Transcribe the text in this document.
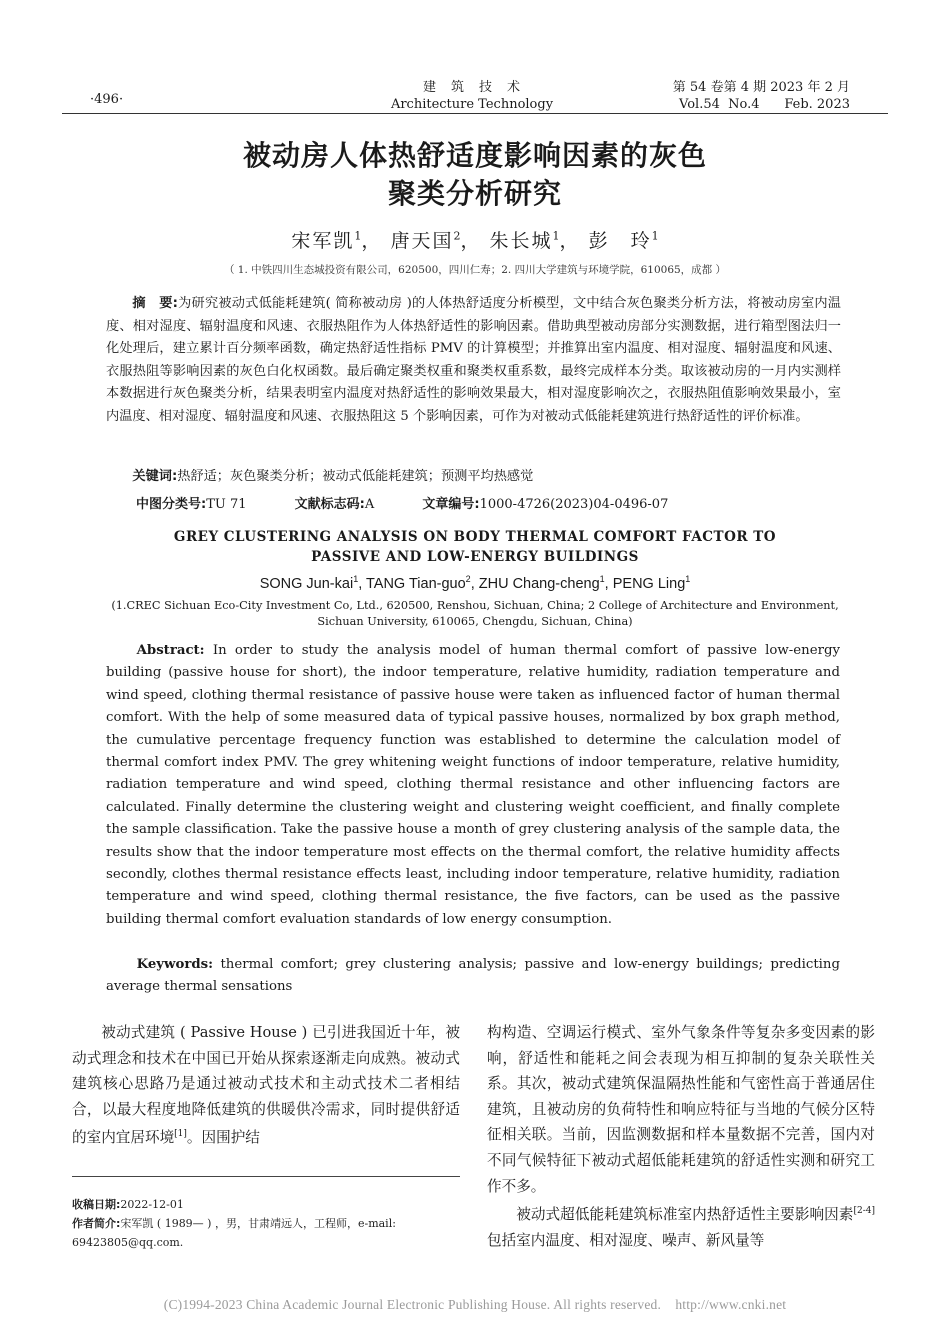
·496·
建　筑　技　术
Architecture Technology
第 54 卷第 4 期 2023 年 2 月
Vol.54  No.4      Feb. 2023
被动房人体热舒适度影响因素的灰色
聚类分析研究
宋军凯$^1$， 唐天国$^2$， 朱长城$^1$， 彭　玲$^1$
（ 1. 中铁四川生态城投资有限公司，620500，四川仁寿；2. 四川大学建筑与环境学院，610065，成都 ）
摘　要:为研究被动式低能耗建筑( 简称被动房 )的人体热舒适度分析模型，文中结合灰色聚类分析方法，将被动房室内温度、相对湿度、辐射温度和风速、衣服热阻作为人体热舒适性的影响因素。借助典型被动房部分实测数据，进行箱型图法归一化处理后，建立累计百分频率函数，确定热舒适性指标 PMV 的计算模型；并推算出室内温度、相对湿度、辐射温度和风速、衣服热阻等影响因素的灰色白化权函数。最后确定聚类权重和聚类权重系数，最终完成样本分类。取该被动房的一月内实测样本数据进行灰色聚类分析，结果表明室内温度对热舒适性的影响效果最大，相对湿度影响次之，衣服热阻值影响效果最小，室内温度、相对湿度、辐射温度和风速、衣服热阻这 5 个影响因素，可作为对被动式低能耗建筑进行热舒适性的评价标准。
关键词:热舒适；灰色聚类分析；被动式低能耗建筑；预测平均热感觉
中图分类号:TU 71	文献标志码:A	文章编号:1000-4726(2023)04-0496-07
GREY CLUSTERING ANALYSIS ON BODY THERMAL COMFORT FACTOR TO
PASSIVE AND LOW-ENERGY BUILDINGS
SONG Jun-kai$^1$, TANG Tian-guo$^2$, ZHU Chang-cheng$^1$, PENG Ling$^1$
(1.CREC Sichuan Eco-City Investment Co, Ltd., 620500, Renshou, Sichuan, China; 2 College of Architecture and Environment, Sichuan University, 610065, Chengdu, Sichuan, China)
Abstract: In order to study the analysis model of human thermal comfort of passive low-energy building (passive house for short), the indoor temperature, relative humidity, radiation temperature and wind speed, clothing thermal resistance of passive house were taken as influenced factor of human thermal comfort. With the help of some measured data of typical passive houses, normalized by box graph method, the cumulative percentage frequency function was established to determine the calculation model of thermal comfort index PMV. The grey whitening weight functions of indoor temperature, relative humidity, radiation temperature and wind speed, clothing thermal resistance and other influencing factors are calculated. Finally determine the clustering weight and clustering weight coefficient, and finally complete the sample classification. Take the passive house a month of grey clustering analysis of the sample data, the results show that the indoor temperature most effects on the thermal comfort, the relative humidity affects secondly, clothes thermal resistance effects least, including indoor temperature, relative humidity, radiation temperature and wind speed, clothing thermal resistance, the five factors, can be used as the passive building thermal comfort evaluation standards of low energy consumption.
Keywords: thermal comfort; grey clustering analysis; passive and low-energy buildings; predicting average thermal sensations
被动式建筑 ( Passive House ) 已引进我国近十年，被动式理念和技术在中国已开始从探索逐渐走向成熟。被动式建筑核心思路乃是通过被动式技术和主动式技术二者相结合，以最大程度地降低建筑的供暖供冷需求，同时提供舒适的室内宜居环境[1]。因围护结
构构造、空调运行模式、室外气象条件等复杂多变因素的影响，舒适性和能耗之间会表现为相互抑制的复杂关联性关系。其次，被动式建筑保温隔热性能和气密性高于普通居住建筑，且被动房的负荷特性和响应特征与当地的气候分区特征相关联。当前，因监测数据和样本量数据不完善，国内对不同气候特征下被动式超低能耗建筑的舒适性实测和研究工作不多。
被动式超低能耗建筑标准室内热舒适性主要影响因素[2-4]包括室内温度、相对湿度、噪声、新风量等
收稿日期:2022-12-01
作者简介:宋军凯 ( 1989— ) ，男，甘肃靖远人，工程师，e-mail: 69423805@qq.com.
(C)1994-2023 China Academic Journal Electronic Publishing House. All rights reserved.    http://www.cnki.net
